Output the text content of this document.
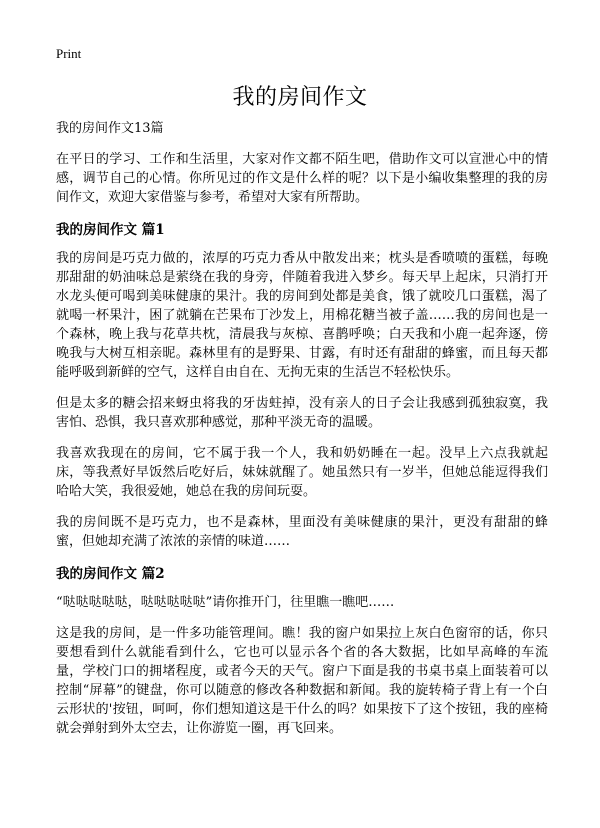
Print
我的房间作文
我的房间作文13篇

在平日的学习、工作和生活里，大家对作文都不陌生吧，借助作文可以宣泄心中的情感，调节自己的心情。你所见过的作文是什么样的呢？以下是小编收集整理的我的房间作文，欢迎大家借鉴与参考，希望对大家有所帮助。

我的房间作文 篇1

我的房间是巧克力做的，浓厚的巧克力香从中散发出来；枕头是香喷喷的蛋糕，每晚那甜甜的奶油味总是萦绕在我的身旁，伴随着我进入梦乡。每天早上起床，只消打开水龙头便可喝到美味健康的果汁。我的房间到处都是美食，饿了就咬几口蛋糕，渴了就喝一杯果汁，困了就躺在芒果布丁沙发上，用棉花糖当被子盖……我的房间也是一个森林，晚上我与花草共枕，清晨我与灰椋、喜鹊呼唤；白天我和小鹿一起奔逐，傍晚我与大树互相亲昵。森林里有的是野果、甘露，有时还有甜甜的蜂蜜，而且每天都能呼吸到新鲜的空气，这样自由自在、无拘无束的生活岂不轻松快乐。

但是太多的糖会招来蚜虫将我的牙齿蛀掉，没有亲人的日子会让我感到孤独寂寞，我害怕、恐惧，我只喜欢那种感觉，那种平淡无奇的温暖。

我喜欢我现在的房间，它不属于我一个人，我和奶奶睡在一起。没早上六点我就起床，等我煮好早饭然后吃好后，妹妹就醒了。她虽然只有一岁半，但她总能逗得我们哈哈大笑，我很爱她，她总在我的房间玩耍。

我的房间既不是巧克力，也不是森林，里面没有美味健康的果汁，更没有甜甜的蜂蜜，但她却充满了浓浓的亲情的味道……

我的房间作文 篇2

“哒哒哒哒哒，哒哒哒哒哒”请你推开门，往里瞧一瞧吧……

这是我的房间，是一件多功能管理间。瞧！我的窗户如果拉上灰白色窗帘的话，你只要想看到什么就能看到什么，它也可以显示各个省的各大数据，比如早高峰的车流量，学校门口的拥堵程度，或者今天的天气。窗户下面是我的书桌书桌上面装着可以控制“屏幕”的键盘，你可以随意的修改各种数据和新闻。我的旋转椅子背上有一个白云形状的'按钮，呵呵，你们想知道这是干什么的吗？如果按下了这个按钮，我的座椅就会弹射到外太空去，让你游览一圈，再飞回来。
